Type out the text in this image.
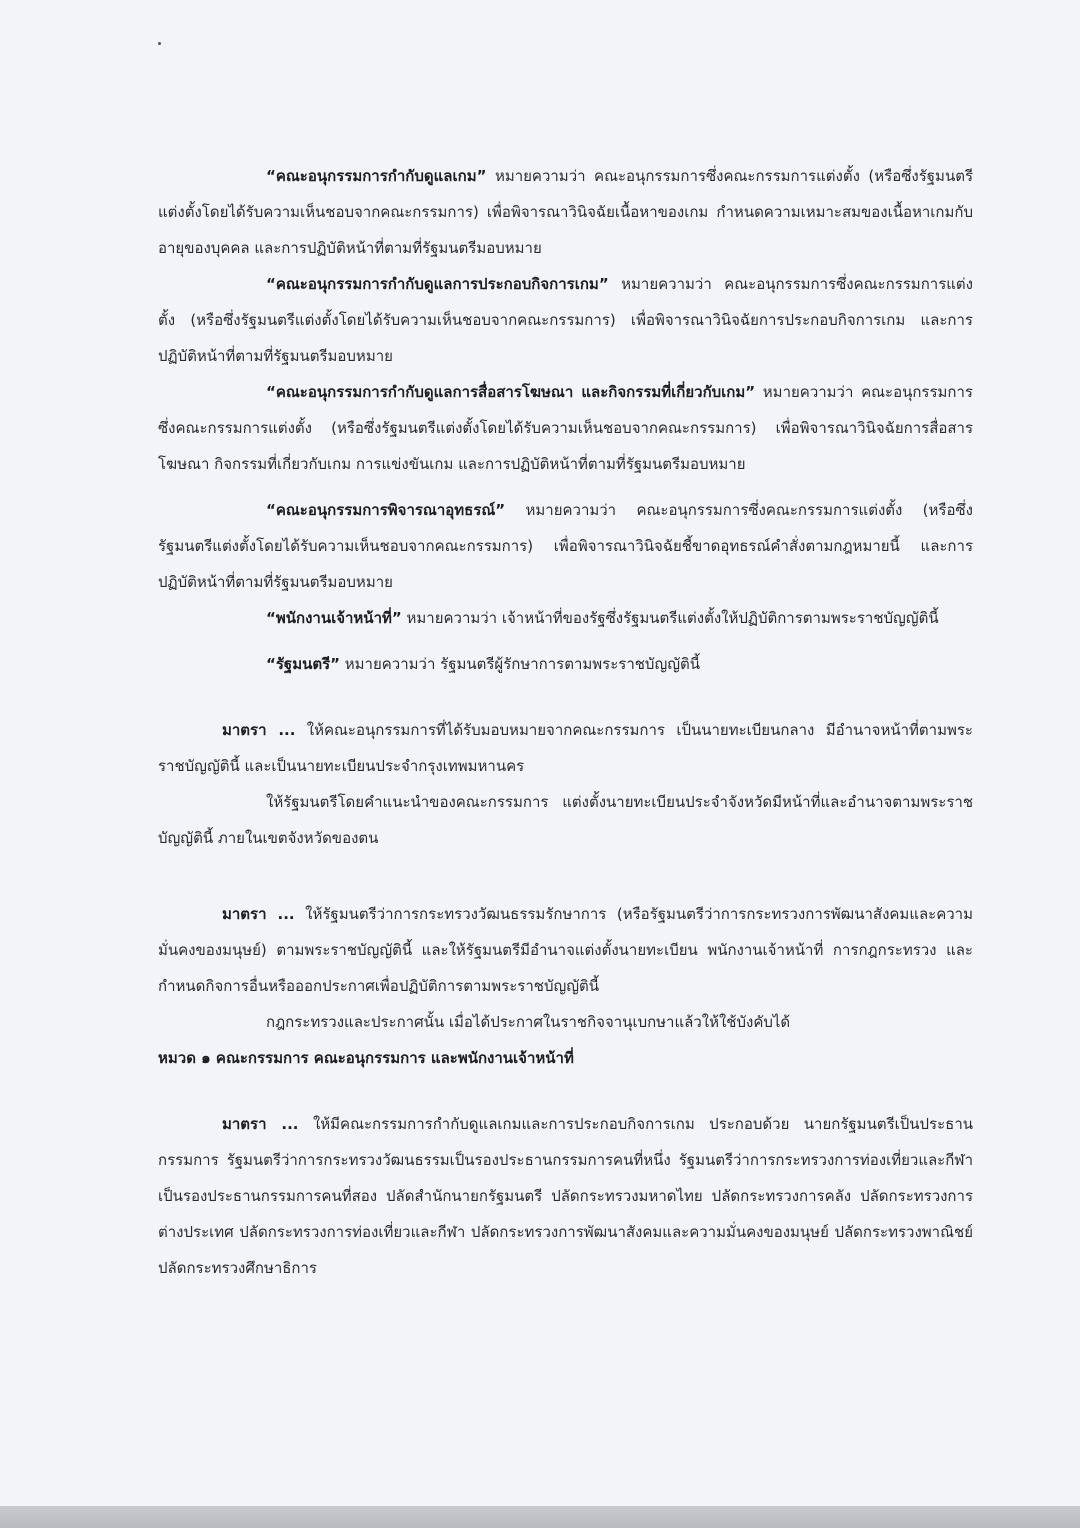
“คณะอนุกรรมการกำกับดูแลเกม” หมายความว่า คณะอนุกรรมการซึ่งคณะกรรมการแต่งตั้ง (หรือซึ่งรัฐมนตรีแต่งตั้งโดยได้รับความเห็นชอบจากคณะกรรมการ) เพื่อพิจารณาวินิจฉัยเนื้อหาของเกม กำหนดความเหมาะสมของเนื้อหาเกมกับอายุของบุคคล และการปฏิบัติหน้าที่ตามที่รัฐมนตรีมอบหมาย

“คณะอนุกรรมการกำกับดูแลการประกอบกิจการเกม” หมายความว่า คณะอนุกรรมการซึ่งคณะกรรมการแต่งตั้ง (หรือซึ่งรัฐมนตรีแต่งตั้งโดยได้รับความเห็นชอบจากคณะกรรมการ) เพื่อพิจารณาวินิจฉัยการประกอบกิจการเกม และการปฏิบัติหน้าที่ตามที่รัฐมนตรีมอบหมาย

“คณะอนุกรรมการกำกับดูแลการสื่อสารโฆษณา และกิจกรรมที่เกี่ยวกับเกม” หมายความว่า คณะอนุกรรมการซึ่งคณะกรรมการแต่งตั้ง (หรือซึ่งรัฐมนตรีแต่งตั้งโดยได้รับความเห็นชอบจากคณะกรรมการ) เพื่อพิจารณาวินิจฉัยการสื่อสารโฆษณา กิจกรรมที่เกี่ยวกับเกม การแข่งขันเกม และการปฏิบัติหน้าที่ตามที่รัฐมนตรีมอบหมาย

“คณะอนุกรรมการพิจารณาอุทธรณ์” หมายความว่า คณะอนุกรรมการซึ่งคณะกรรมการแต่งตั้ง (หรือซึ่งรัฐมนตรีแต่งตั้งโดยได้รับความเห็นชอบจากคณะกรรมการ) เพื่อพิจารณาวินิจฉัยชี้ขาดอุทธรณ์คำสั่งตามกฎหมายนี้ และการปฏิบัติหน้าที่ตามที่รัฐมนตรีมอบหมาย

“พนักงานเจ้าหน้าที่” หมายความว่า เจ้าหน้าที่ของรัฐซึ่งรัฐมนตรีแต่งตั้งให้ปฏิบัติการตามพระราชบัญญัตินี้

“รัฐมนตรี” หมายความว่า รัฐมนตรีผู้รักษาการตามพระราชบัญญัตินี้

มาตรา ... ให้คณะอนุกรรมการที่ได้รับมอบหมายจากคณะกรรมการ เป็นนายทะเบียนกลาง มีอำนาจหน้าที่ตามพระราชบัญญัตินี้ และเป็นนายทะเบียนประจำกรุงเทพมหานคร

ให้รัฐมนตรีโดยคำแนะนำของคณะกรรมการ แต่งตั้งนายทะเบียนประจำจังหวัดมีหน้าที่และอำนาจตามพระราชบัญญัตินี้ ภายในเขตจังหวัดของตน

มาตรา ... ให้รัฐมนตรีว่าการกระทรวงวัฒนธรรมรักษาการ (หรือรัฐมนตรีว่าการกระทรวงการพัฒนาสังคมและความมั่นคงของมนุษย์) ตามพระราชบัญญัตินี้ และให้รัฐมนตรีมีอำนาจแต่งตั้งนายทะเบียน พนักงานเจ้าหน้าที่ การกฎกระทรวง และกำหนดกิจการอื่นหรือออกประกาศเพื่อปฏิบัติการตามพระราชบัญญัตินี้

กฎกระทรวงและประกาศนั้น เมื่อได้ประกาศในราชกิจจานุเบกษาแล้วให้ใช้บังคับได้

หมวด ๑ คณะกรรมการ คณะอนุกรรมการ และพนักงานเจ้าหน้าที่

มาตรา ... ให้มีคณะกรรมการกำกับดูแลเกมและการประกอบกิจการเกม ประกอบด้วย นายกรัฐมนตรีเป็นประธานกรรมการ รัฐมนตรีว่าการกระทรวงวัฒนธรรมเป็นรองประธานกรรมการคนที่หนึ่ง รัฐมนตรีว่าการกระทรวงการท่องเที่ยวและกีฬาเป็นรองประธานกรรมการคนที่สอง ปลัดสำนักนายกรัฐมนตรี ปลัดกระทรวงมหาดไทย ปลัดกระทรวงการคลัง ปลัดกระทรวงการต่างประเทศ ปลัดกระทรวงการท่องเที่ยวและกีฬา ปลัดกระทรวงการพัฒนาสังคมและความมั่นคงของมนุษย์ ปลัดกระทรวงพาณิชย์ ปลัดกระทรวงศึกษาธิการ
